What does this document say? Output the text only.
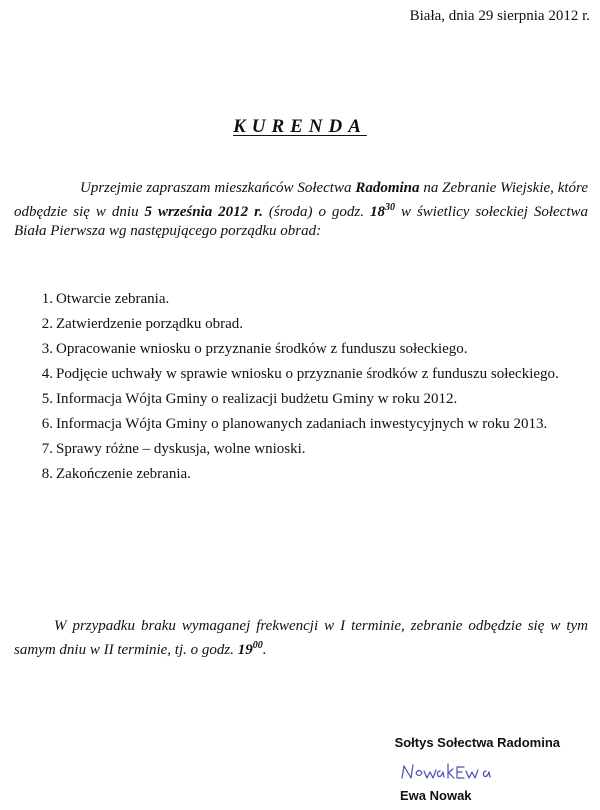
Biała, dnia 29 sierpnia 2012 r.
KURENDA

Uprzejmie zapraszam mieszkańców Sołectwa Radomina na Zebranie Wiejskie, które odbędzie się w dniu 5 września 2012 r. (środa) o godz. $18^{30}$ w świetlicy sołeckiej Sołectwa Biała Pierwsza wg następującego porządku obrad:

1. Otwarcie zebrania.
2. Zatwierdzenie porządku obrad.
3. Opracowanie wniosku o przyznanie środków z funduszu sołeckiego.
4. Podjęcie uchwały w sprawie wniosku o przyznanie środków z funduszu sołeckiego.
5. Informacja Wójta Gminy o realizacji budżetu Gminy w roku 2012.
6. Informacja Wójta Gminy o planowanych zadaniach inwestycyjnych w roku 2013.
7. Sprawy różne – dyskusja, wolne wnioski.
8. Zakończenie zebrania.

W przypadku braku wymaganej frekwencji w I terminie, zebranie odbędzie się w tym samym dniu w II terminie, tj. o godz. $19^{00}$.

Sołtys Sołectwa Radomina
Ewa Nowak
